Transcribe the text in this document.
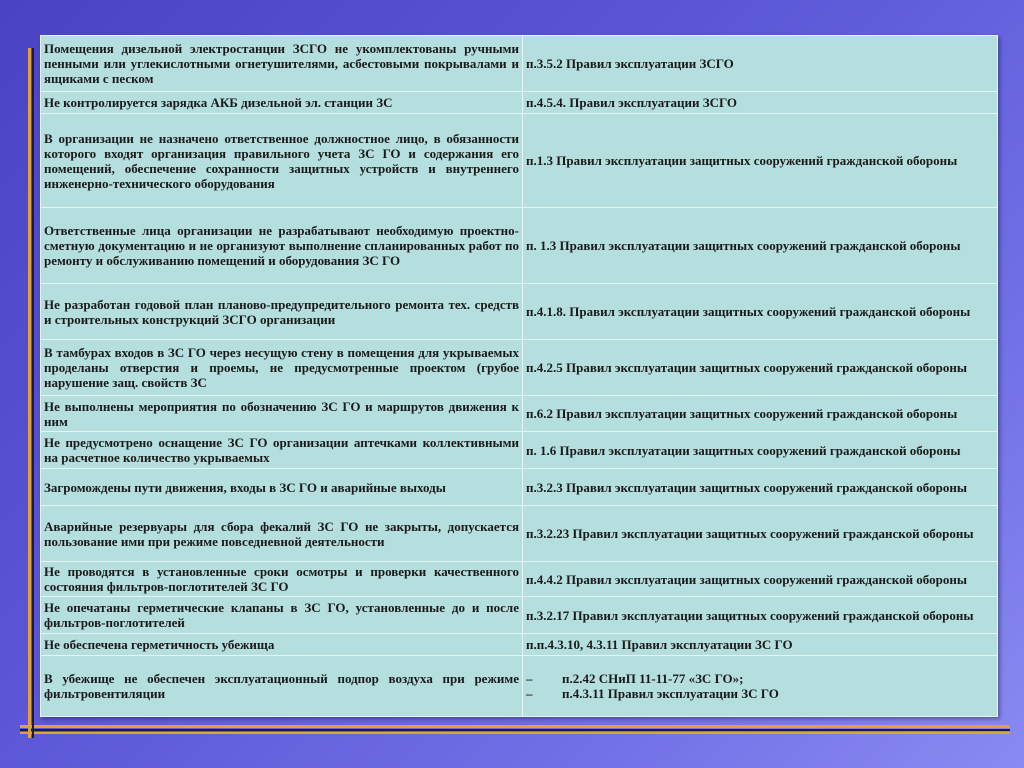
Помещения дизельной электростанции ЗСГО не укомплектованы ручными пенными или углекислотными огнетушителями, асбестовыми покрывалами и ящиками с песком	п.3.5.2 Правил эксплуатации ЗСГО
Не контролируется зарядка АКБ дизельной эл. станции ЗС	п.4.5.4. Правил эксплуатации ЗСГО
В организации не назначено ответственное должностное лицо, в обязанности которого входят организация правильного учета ЗС ГО и содержания его помещений, обеспечение сохранности защитных устройств и внутреннего инженерно-технического оборудования	п.1.3 Правил эксплуатации защитных сооружений гражданской обороны
Ответственные лица организации не разрабатывают необходимую проектно-сметную документацию и не организуют выполнение спланированных работ по ремонту и обслуживанию помещений и оборудования ЗС ГО	п. 1.3 Правил эксплуатации защитных сооружений гражданской обороны
Не разработан годовой план планово-предупредительного ремонта тех. средств и строительных конструкций ЗСГО организации	п.4.1.8. Правил эксплуатации защитных сооружений гражданской обороны
В тамбурах входов в ЗС ГО через несущую стену в помещения для укрываемых проделаны отверстия и проемы, не предусмотренные проектом (грубое нарушение защ. свойств ЗС	п.4.2.5 Правил эксплуатации защитных сооружений гражданской обороны
Не выполнены мероприятия по обозначению ЗС ГО и маршрутов движения к ним	п.6.2 Правил эксплуатации защитных сооружений гражданской обороны
Не предусмотрено оснащение ЗС ГО организации аптечками коллективными на расчетное количество укрываемых	п. 1.6 Правил эксплуатации защитных сооружений гражданской обороны
Загромождены пути движения, входы в ЗС ГО и аварийные выходы	п.3.2.3 Правил эксплуатации защитных сооружений гражданской обороны
Аварийные резервуары для сбора фекалий ЗС ГО не закрыты, допускается пользование ими при режиме повседневной деятельности	п.3.2.23 Правил эксплуатации защитных сооружений гражданской обороны
Не проводятся в установленные сроки осмотры и проверки качественного состояния фильтров-поглотителей ЗС ГО	п.4.4.2 Правил эксплуатации защитных сооружений гражданской обороны
Не опечатаны герметические клапаны в ЗС ГО, установленные до и после фильтров-поглотителей	п.3.2.17 Правил эксплуатации защитных сооружений гражданской обороны
Не обеспечена герметичность убежища	п.п.4.3.10, 4.3.11 Правил эксплуатации ЗС ГО
В убежище не обеспечен эксплуатационный подпор воздуха при режиме фильтровентиляции	– п.2.42 СНиП 11-11-77 «ЗС ГО»;
– п.4.3.11 Правил эксплуатации ЗС ГО
